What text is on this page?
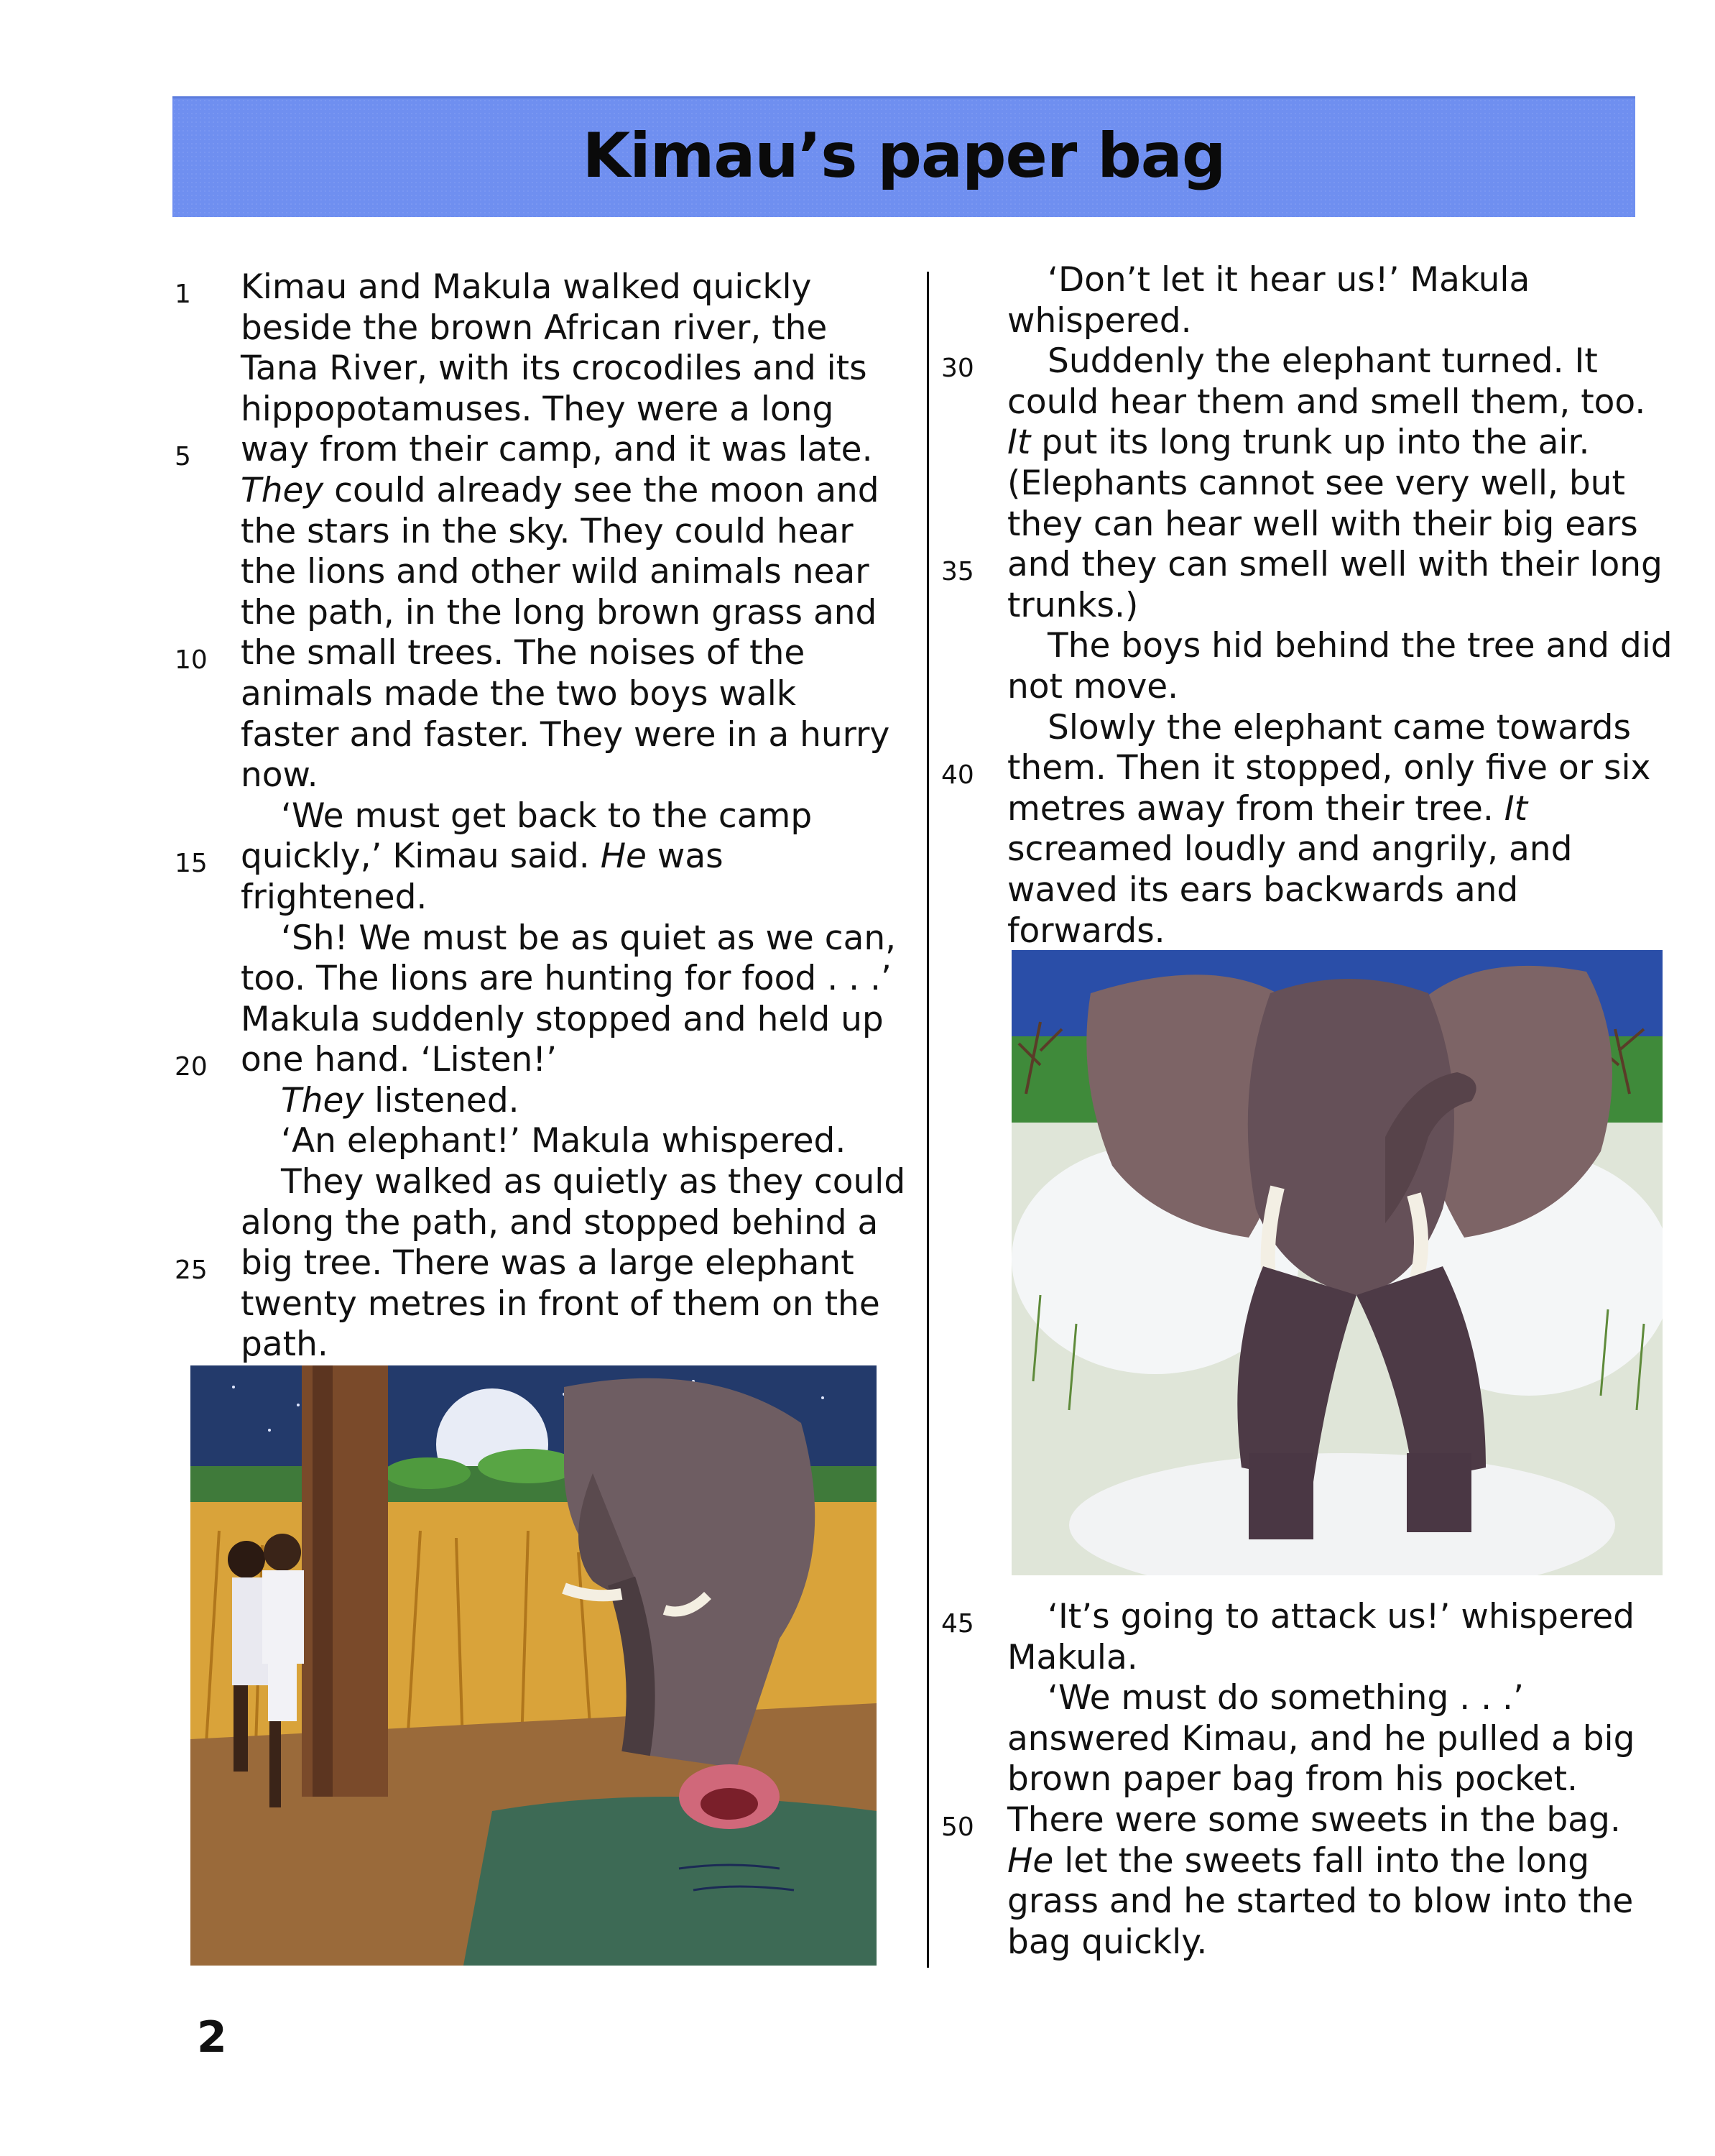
Kimau’s paper bag
1 Kimau and Makula walked quickly
beside the brown African river, the
Tana River, with its crocodiles and its
hippopotamuses. They were a long
5 way from their camp, and it was late.
They could already see the moon and
the stars in the sky. They could hear
the lions and other wild animals near
the path, in the long brown grass and
10 the small trees. The noises of the
animals made the two boys walk
faster and faster. They were in a hurry
now.
‘We must get back to the camp
15 quickly,’ Kimau said. He was
frightened.
‘Sh! We must be as quiet as we can,
too. The lions are hunting for food . . .’
Makula suddenly stopped and held up
20 one hand. ‘Listen!’
They listened.
‘An elephant!’ Makula whispered.
They walked as quietly as they could
along the path, and stopped behind a
25 big tree. There was a large elephant
twenty metres in front of them on the
path.
‘Don’t let it hear us!’ Makula
whispered.
30 Suddenly the elephant turned. It
could hear them and smell them, too.
It put its long trunk up into the air.
(Elephants cannot see very well, but
they can hear well with their big ears
35 and they can smell well with their long
trunks.)
The boys hid behind the tree and did
not move.
Slowly the elephant came towards
40 them. Then it stopped, only five or six
metres away from their tree. It
screamed loudly and angrily, and
waved its ears backwards and
forwards.
45 ‘It’s going to attack us!’ whispered
Makula.
‘We must do something . . .’
answered Kimau, and he pulled a big
brown paper bag from his pocket.
50 There were some sweets in the bag.
He let the sweets fall into the long
grass and he started to blow into the
bag quickly.
2
